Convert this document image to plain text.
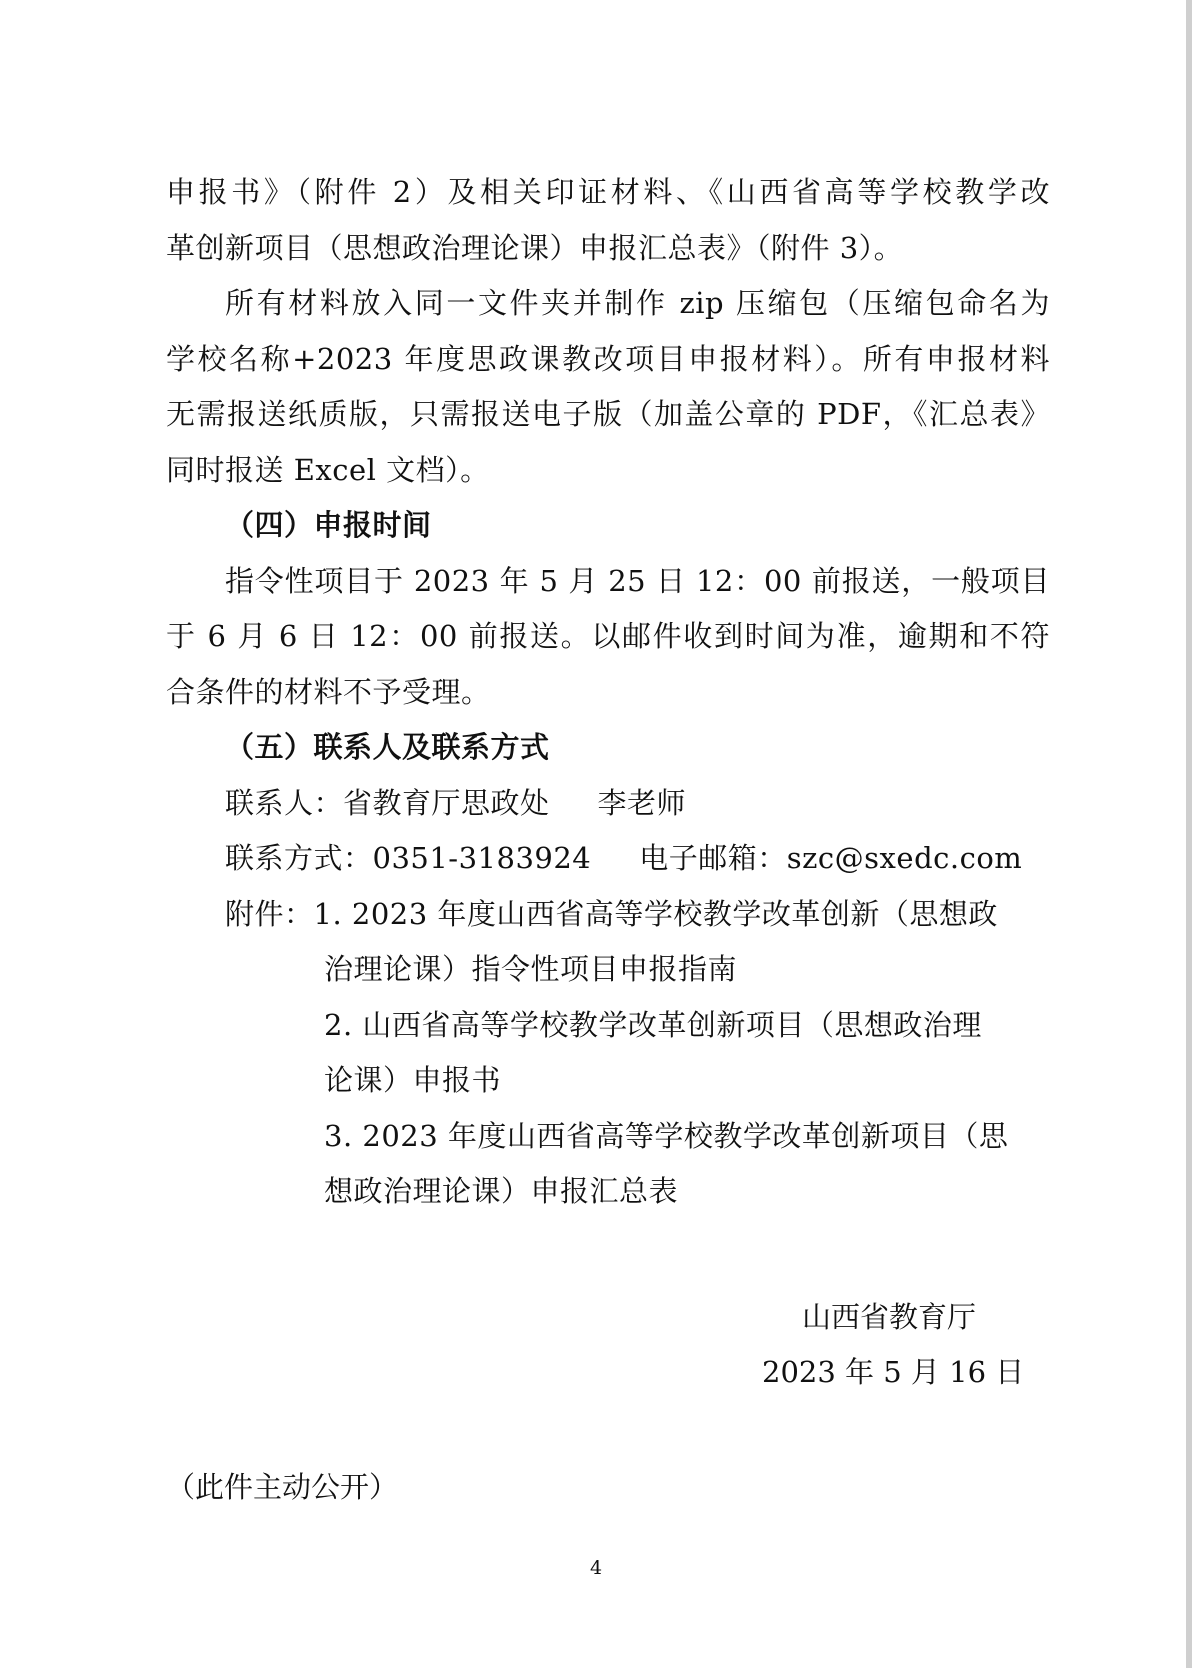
申报书》（附件 2）及相关印证材料、《山西省高等学校教学改
革创新项目（思想政治理论课）申报汇总表》（附件 3）。
所有材料放入同一文件夹并制作 zip 压缩包（压缩包命名为
学校名称+2023 年度思政课教改项目申报材料）。所有申报材料
无需报送纸质版，只需报送电子版（加盖公章的 PDF，《汇总表》
同时报送 Excel 文档）。
（四）申报时间
指令性项目于 2023 年 5 月 25 日 12：00 前报送，一般项目
于 6 月 6 日 12：00 前报送。以邮件收到时间为准，逾期和不符
合条件的材料不予受理。
（五）联系人及联系方式
联系人：省教育厅思政处 李老师
联系方式：0351-3183924 电子邮箱：szc@sxedc.com
附件：1. 2023 年度山西省高等学校教学改革创新（思想政
治理论课）指令性项目申报指南
2. 山西省高等学校教学改革创新项目（思想政治理
论课）申报书
3. 2023 年度山西省高等学校教学改革创新项目（思
想政治理论课）申报汇总表
山西省教育厅
2023 年 5 月 16 日
（此件主动公开）
4
